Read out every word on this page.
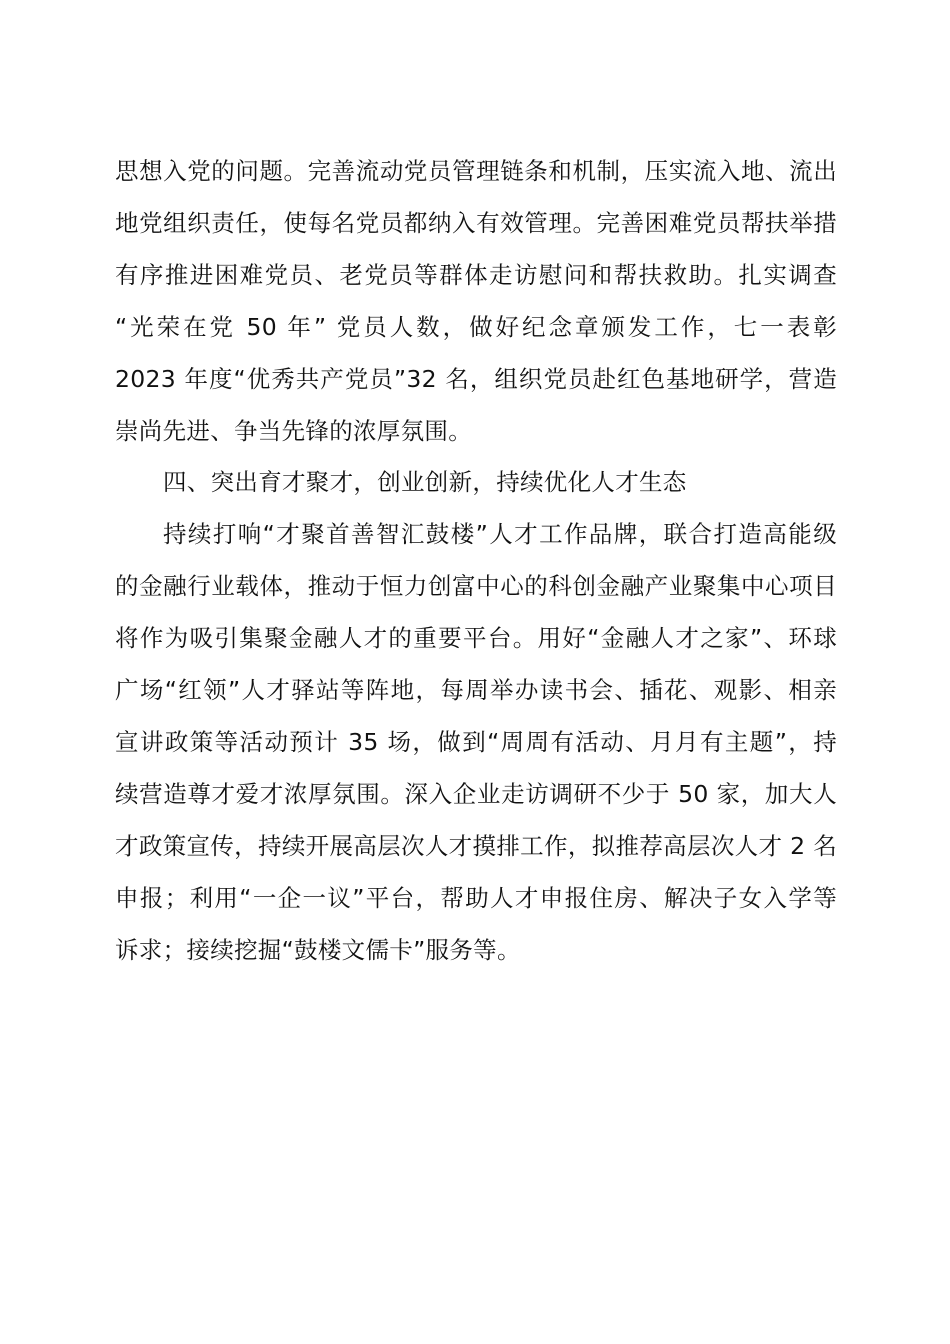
思想入党的问题。完善流动党员管理链条和机制，压实流入地、流出
地党组织责任，使每名党员都纳入有效管理。完善困难党员帮扶举措
有序推进困难党员、老党员等群体走访慰问和帮扶救助。扎实调查
“光荣在党 50 年” 党员人数，做好纪念章颁发工作，七一表彰
2023 年度“优秀共产党员”32 名，组织党员赴红色基地研学，营造
崇尚先进、争当先锋的浓厚氛围。
四、突出育才聚才，创业创新，持续优化人才生态
持续打响“才聚首善智汇鼓楼”人才工作品牌，联合打造高能级
的金融行业载体，推动于恒力创富中心的科创金融产业聚集中心项目
将作为吸引集聚金融人才的重要平台。用好“金融人才之家”、环球
广场“红领”人才驿站等阵地，每周举办读书会、插花、观影、相亲
宣讲政策等活动预计 35 场，做到“周周有活动、月月有主题”，持
续营造尊才爱才浓厚氛围。深入企业走访调研不少于 50 家，加大人
才政策宣传，持续开展高层次人才摸排工作，拟推荐高层次人才 2 名
申报；利用“一企一议”平台，帮助人才申报住房、解决子女入学等
诉求；接续挖掘“鼓楼文儒卡”服务等。
